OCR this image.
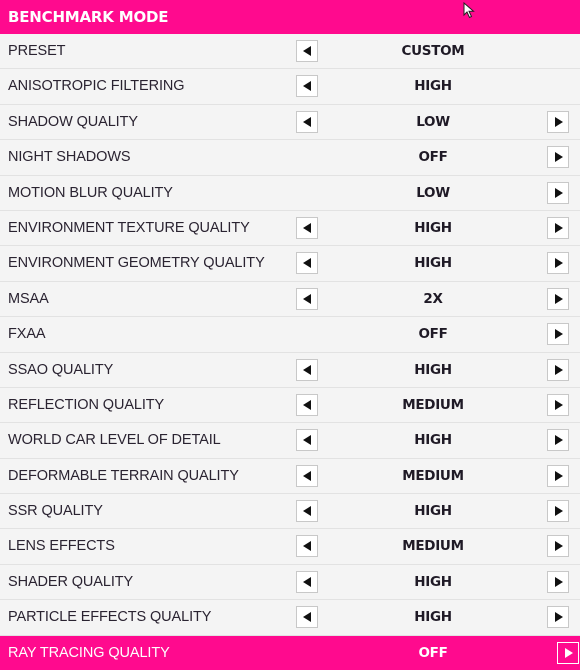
BENCHMARK MODE
PRESET	CUSTOM
ANISOTROPIC FILTERING	HIGH
SHADOW QUALITY	LOW
NIGHT SHADOWS	OFF
MOTION BLUR QUALITY	LOW
ENVIRONMENT TEXTURE QUALITY	HIGH
ENVIRONMENT GEOMETRY QUALITY	HIGH
MSAA	2X
FXAA	OFF
SSAO QUALITY	HIGH
REFLECTION QUALITY	MEDIUM
WORLD CAR LEVEL OF DETAIL	HIGH
DEFORMABLE TERRAIN QUALITY	MEDIUM
SSR QUALITY	HIGH
LENS EFFECTS	MEDIUM
SHADER QUALITY	HIGH
PARTICLE EFFECTS QUALITY	HIGH
RAY TRACING QUALITY	OFF
